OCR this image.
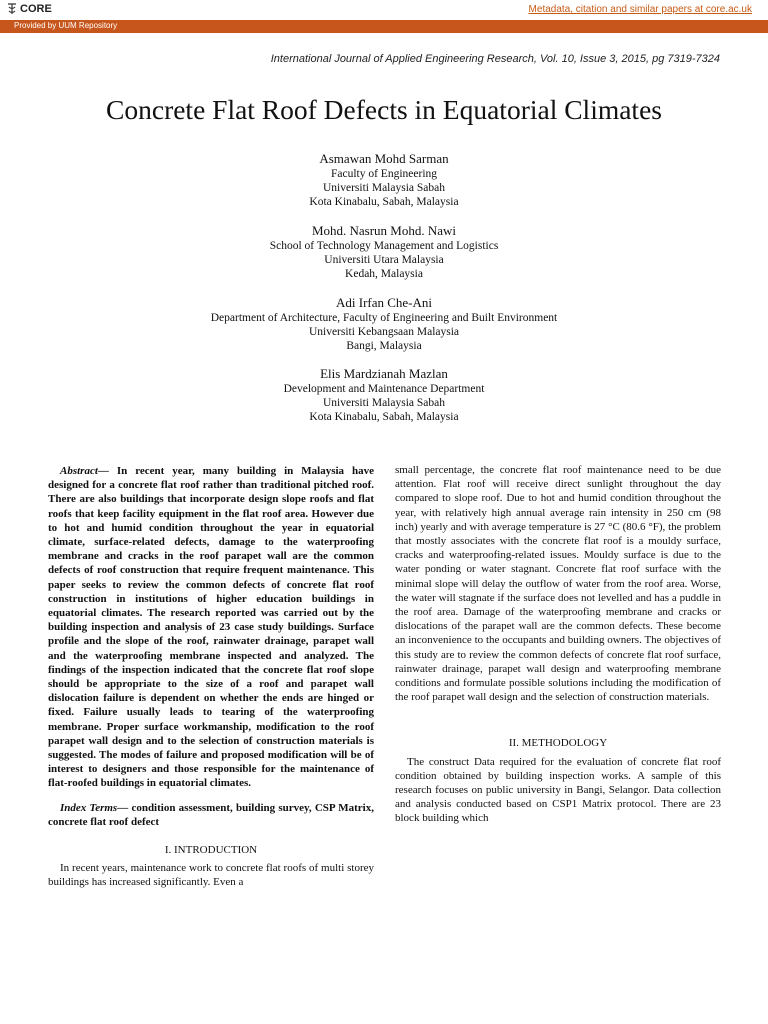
CORE	Metadata, citation and similar papers at core.ac.uk
Provided by UUM Repository
International Journal of Applied Engineering Research, Vol. 10, Issue 3, 2015, pg 7319-7324
Concrete Flat Roof Defects in Equatorial Climates
Asmawan Mohd Sarman
Faculty of Engineering
Universiti Malaysia Sabah
Kota Kinabalu, Sabah, Malaysia
Mohd. Nasrun Mohd. Nawi
School of Technology Management and Logistics
Universiti Utara Malaysia
Kedah, Malaysia
Adi Irfan Che-Ani
Department of Architecture, Faculty of Engineering and Built Environment
Universiti Kebangsaan Malaysia
Bangi, Malaysia
Elis Mardzianah Mazlan
Development and Maintenance Department
Universiti Malaysia Sabah
Kota Kinabalu, Sabah, Malaysia

Abstract— In recent year, many building in Malaysia have designed for a concrete flat roof rather than traditional pitched roof. There are also buildings that incorporate design slope roofs and flat roofs that keep facility equipment in the flat roof area. However due to hot and humid condition throughout the year in equatorial climate, surface-related defects, damage to the waterproofing membrane and cracks in the roof parapet wall are the common defects of roof construction that require frequent maintenance. This paper seeks to review the common defects of concrete flat roof construction in institutions of higher education buildings in equatorial climates. The research reported was carried out by the building inspection and analysis of 23 case study buildings. Surface profile and the slope of the roof, rainwater drainage, parapet wall and the waterproofing membrane inspected and analyzed. The findings of the inspection indicated that the concrete flat roof slope should be appropriate to the size of a roof and parapet wall dislocation failure is dependent on whether the ends are hinged or fixed. Failure usually leads to tearing of the waterproofing membrane. Proper surface workmanship, modification to the roof parapet wall design and to the selection of construction materials is suggested. The modes of failure and proposed modification will be of interest to designers and those responsible for the maintenance of flat-roofed buildings in equatorial climates.

Index Terms— condition assessment, building survey, CSP Matrix, concrete flat roof defect

I. INTRODUCTION

In recent years, maintenance work to concrete flat roofs of multi storey buildings has increased significantly. Even a

small percentage, the concrete flat roof maintenance need to be due attention. Flat roof will receive direct sunlight throughout the day compared to slope roof. Due to hot and humid condition throughout the year, with relatively high annual average rain intensity in 250 cm (98 inch) yearly and with average temperature is 27 °C (80.6 °F), the problem that mostly associates with the concrete flat roof is a mouldy surface, cracks and waterproofing-related issues. Mouldy surface is due to the water ponding or water stagnant. Concrete flat roof surface with the minimal slope will delay the outflow of water from the roof area. Worse, the water will stagnate if the surface does not levelled and has a puddle in the roof area. Damage of the waterproofing membrane and cracks or dislocations of the parapet wall are the common defects. These become an inconvenience to the occupants and building owners. The objectives of this study are to review the common defects of concrete flat roof surface, rainwater drainage, parapet wall design and waterproofing membrane conditions and formulate possible solutions including the modification of the roof parapet wall design and the selection of construction materials.

II. METHODOLOGY

The construct Data required for the evaluation of concrete flat roof condition obtained by building inspection works. A sample of this research focuses on public university in Bangi, Selangor. Data collection and analysis conducted based on CSP1 Matrix protocol. There are 23 block building which
